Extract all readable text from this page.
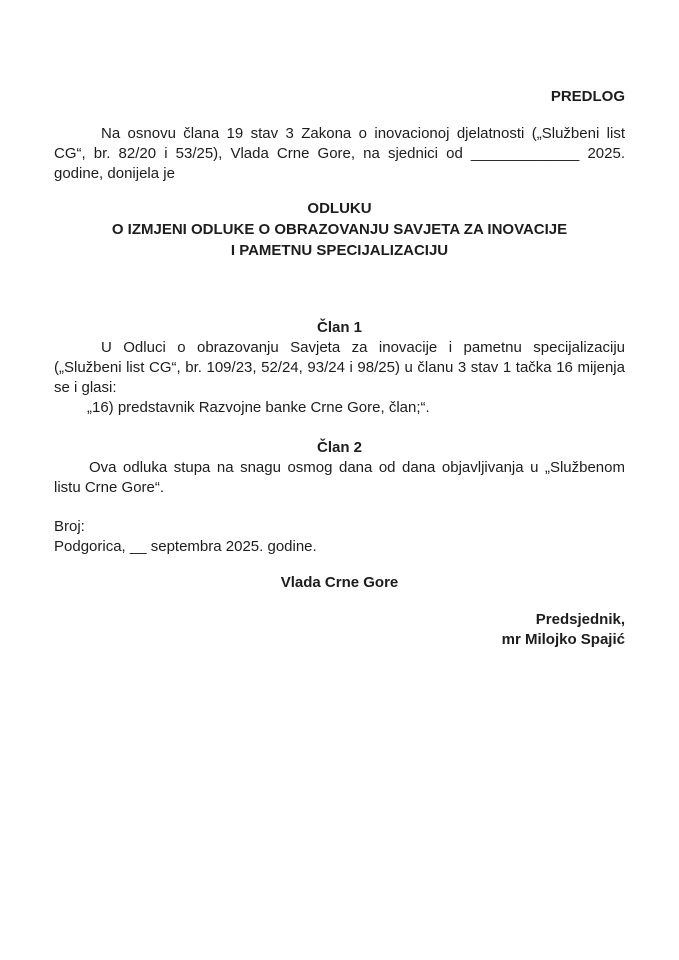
PREDLOG

Na osnovu člana 19 stav 3 Zakona o inovacionoj djelatnosti („Službeni list CG“, br. 82/20 i 53/25), Vlada Crne Gore, na sjednici od _____________ 2025. godine, donijela je

ODLUKU
O IZMJENI ODLUKE O OBRAZOVANJU SAVJETA ZA INOVACIJE
I PAMETNU SPECIJALIZACIJU
Član 1

U Odluci o obrazovanju Savjeta za inovacije i pametnu specijalizaciju („Službeni list CG“, br. 109/23, 52/24, 93/24 i 98/25) u članu 3 stav 1 tačka 16 mijenja se i glasi:

„16) predstavnik Razvojne banke Crne Gore, član;“.

Član 2

Ova odluka stupa na snagu osmog dana od dana objavljivanja u „Službenom listu Crne Gore“.

Broj:
Podgorica, __ septembra 2025. godine.
Vlada Crne Gore
Predsjednik,
mr Milojko Spajić
